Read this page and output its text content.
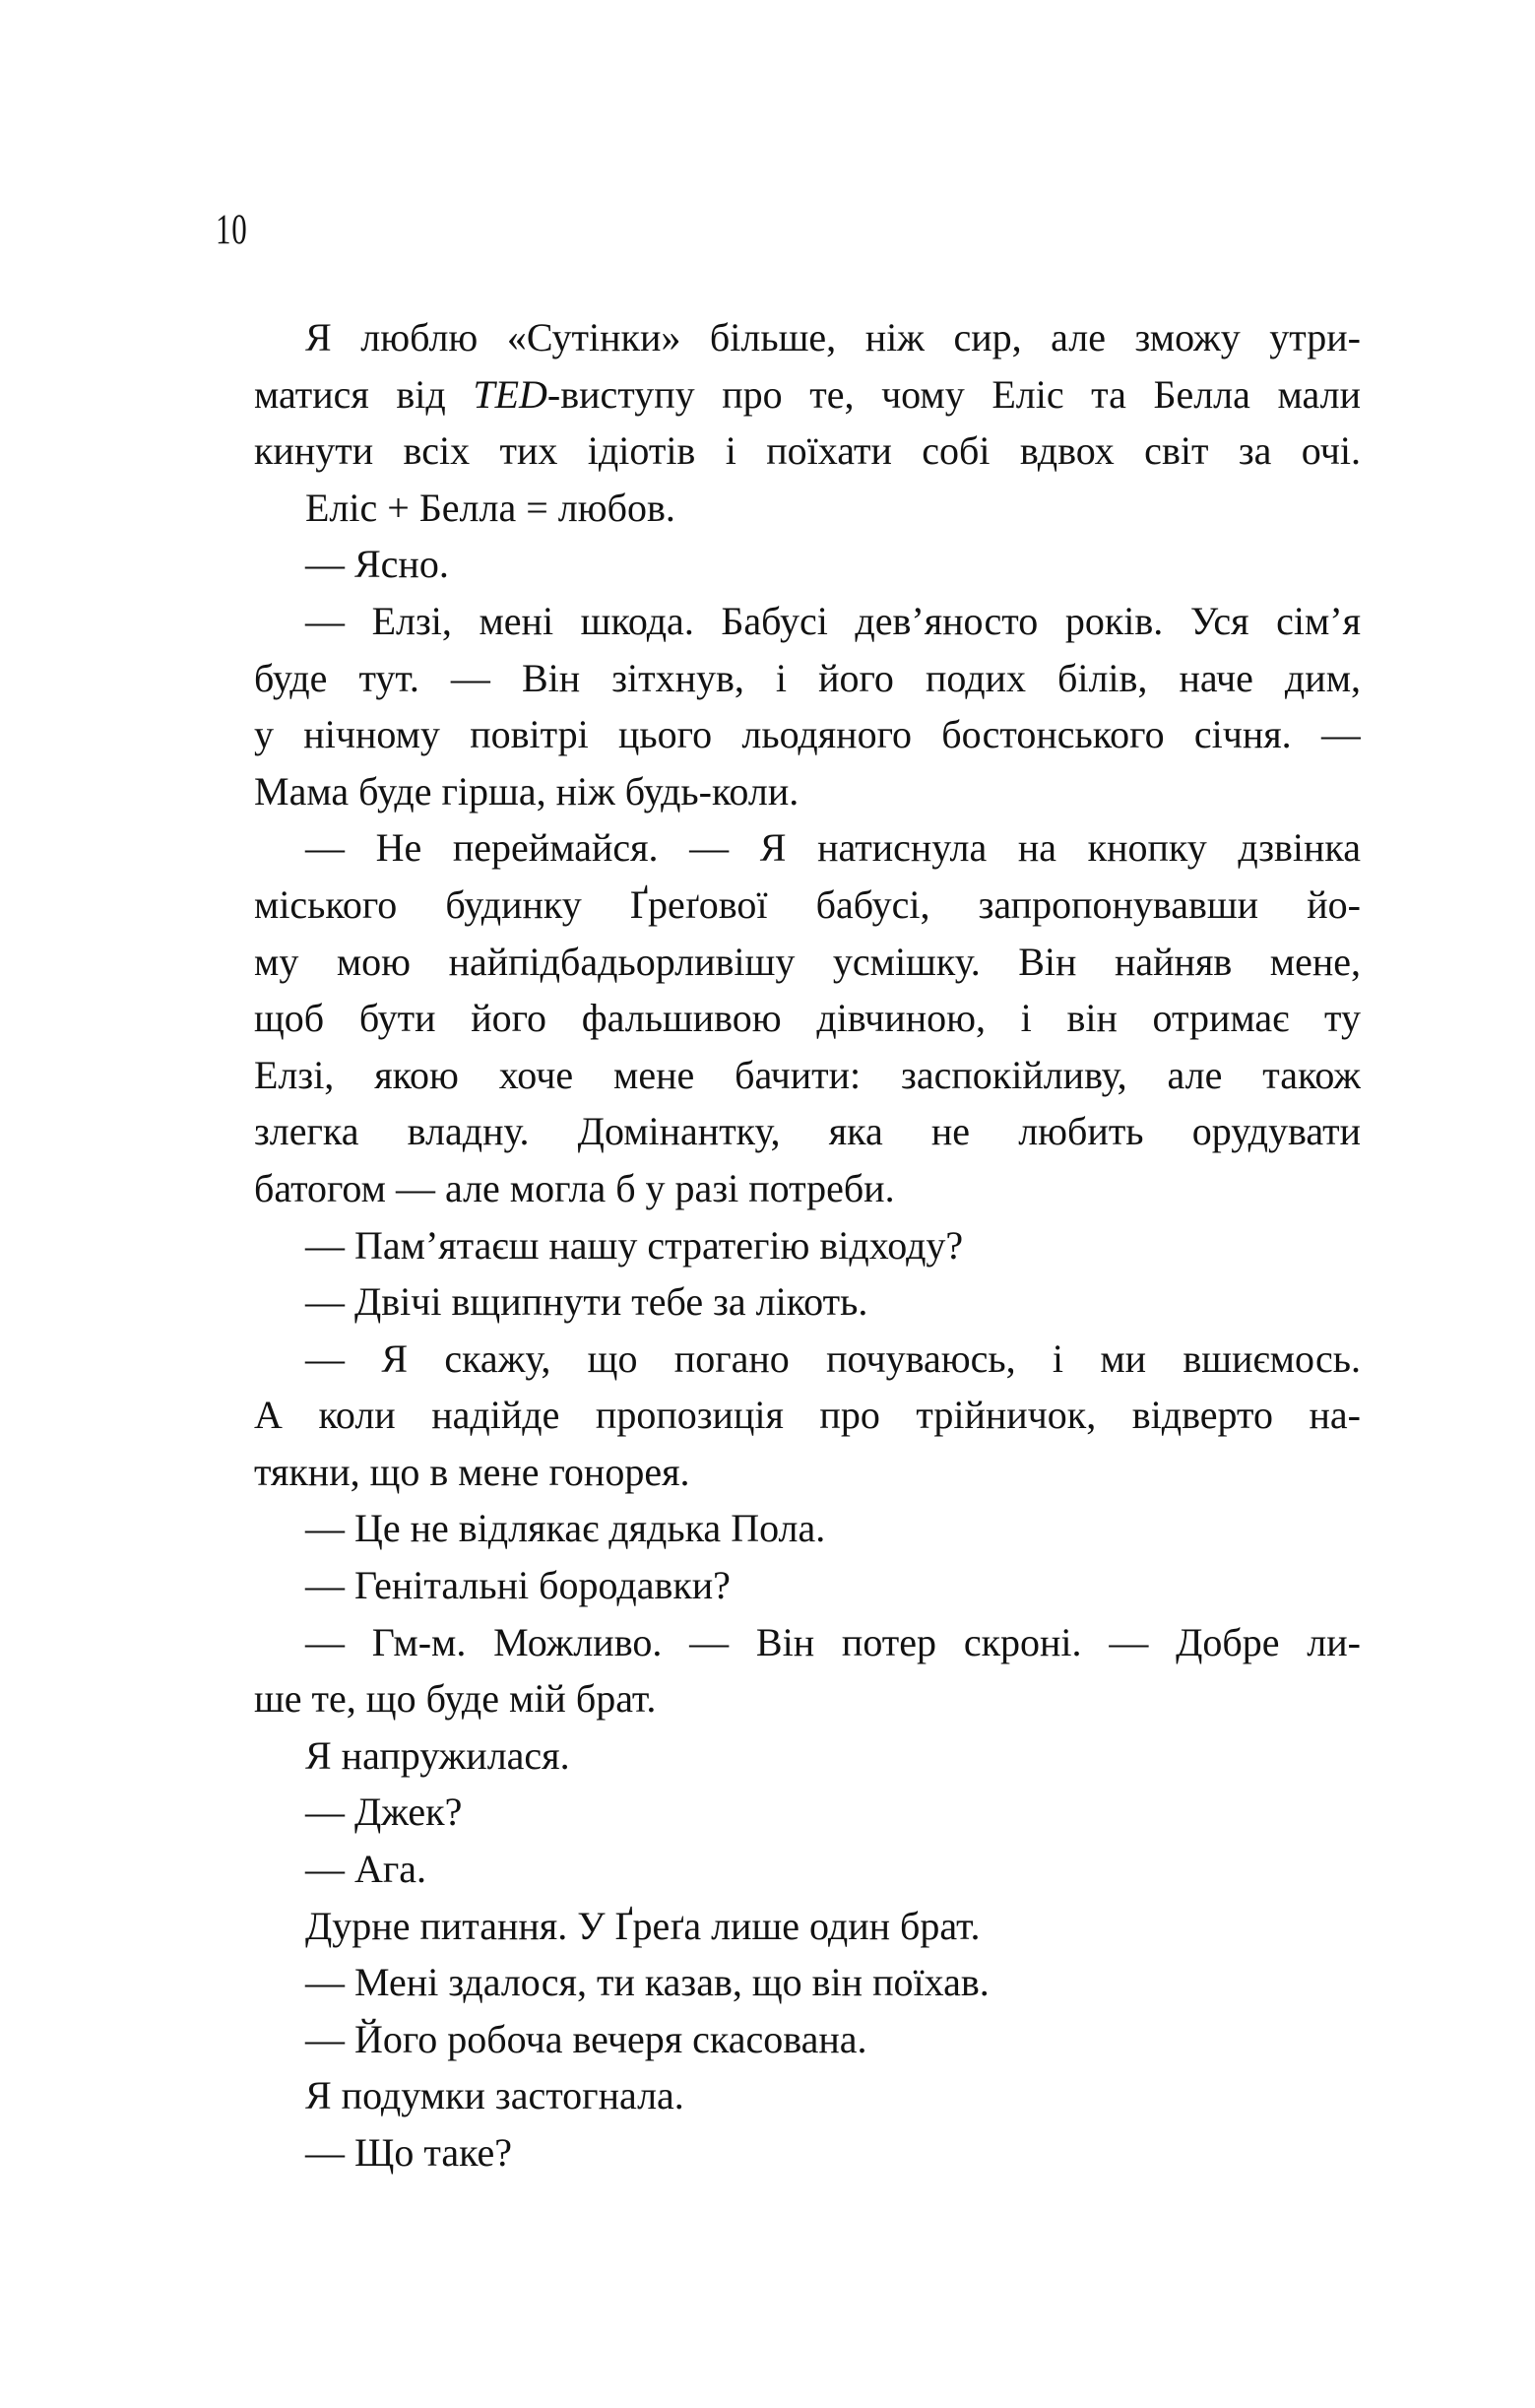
10
Я люблю «Сутінки» більше, ніж сир, але зможу утри-
матися від TED-виступу про те, чому Еліс та Белла мали
кинути всіх тих ідіотів і поїхати собі вдвох світ за очі.
Еліс + Белла = любов.
— Ясно.
— Елзі, мені шкода. Бабусі дев’яносто років. Уся сім’я
буде тут. — Він зітхнув, і його подих білів, наче дим,
у нічному повітрі цього льодяного бостонського січня. —
Мама буде гірша, ніж будь-коли.
— Не переймайся. — Я натиснула на кнопку дзвінка
міського будинку Ґреґової бабусі, запропонувавши йо-
му мою найпідбадьорливішу усмішку. Він найняв мене,
щоб бути його фальшивою дівчиною, і він отримає ту
Елзі, якою хоче мене бачити: заспокійливу, але також
злегка владну. Домінантку, яка не любить орудувати
батогом — але могла б у разі потреби.
— Пам’ятаєш нашу стратегію відходу?
— Двічі вщипнути тебе за лікоть.
— Я скажу, що погано почуваюсь, і ми вшиємось.
А коли надійде пропозиція про трійничок, відверто на-
тякни, що в мене гонорея.
— Це не відлякає дядька Пола.
— Генітальні бородавки?
— Гм-м. Можливо. — Він потер скроні. — Добре ли-
ше те, що буде мій брат.
Я напружилася.
— Джек?
— Ага.
Дурне питання. У Ґреґа лише один брат.
— Мені здалося, ти казав, що він поїхав.
— Його робоча вечеря скасована.
Я подумки застогнала.
— Що таке?
